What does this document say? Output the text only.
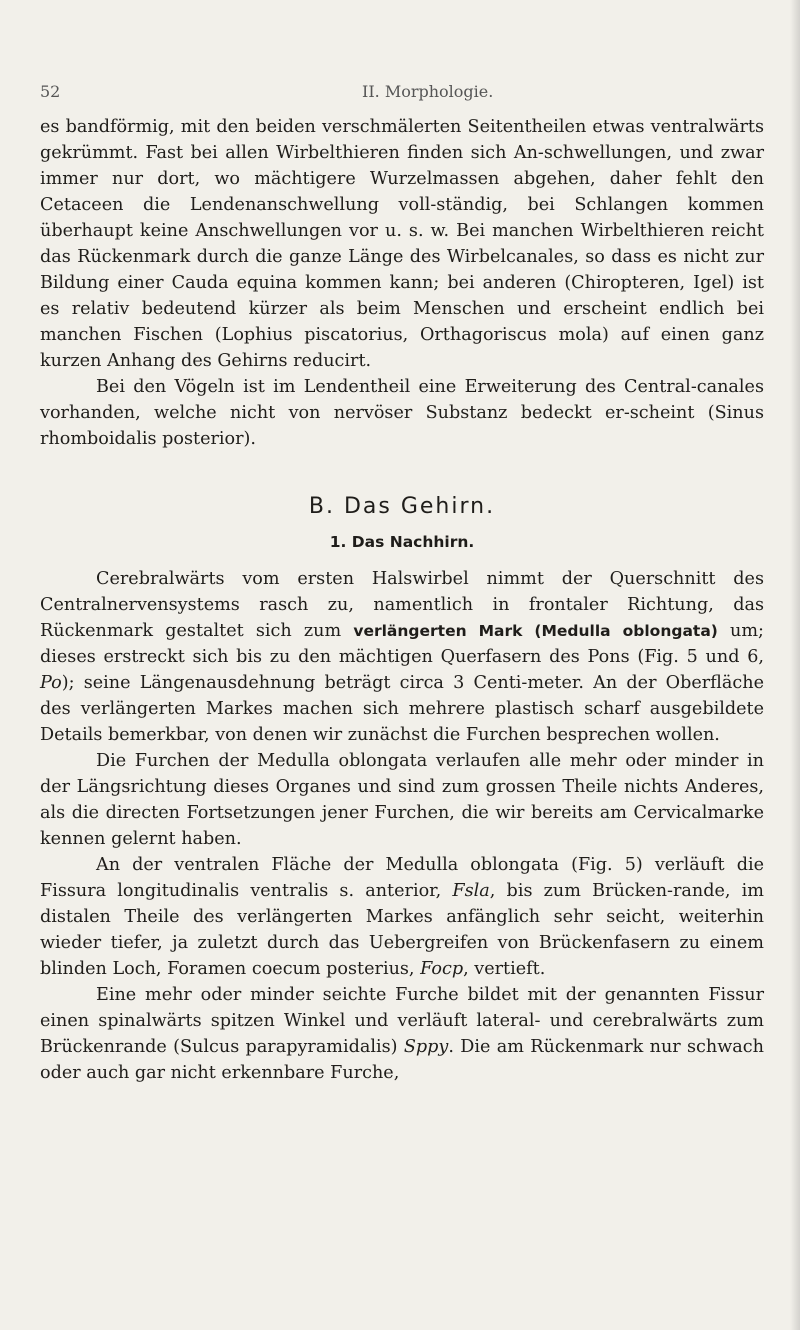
52	II. Morphologie.

es bandförmig, mit den beiden verschmälerten Seitentheilen etwas ventralwärts gekrümmt. Fast bei allen Wirbelthieren finden sich An-schwellungen, und zwar immer nur dort, wo mächtigere Wurzelmassen abgehen, daher fehlt den Cetaceen die Lendenanschwellung voll-ständig, bei Schlangen kommen überhaupt keine Anschwellungen vor u. s. w. Bei manchen Wirbelthieren reicht das Rückenmark durch die ganze Länge des Wirbelcanales, so dass es nicht zur Bildung einer Cauda equina kommen kann; bei anderen (Chiropteren, Igel) ist es relativ bedeutend kürzer als beim Menschen und erscheint endlich bei manchen Fischen (Lophius piscatorius, Orthagoriscus mola) auf einen ganz kurzen Anhang des Gehirns reducirt.

Bei den Vögeln ist im Lendentheil eine Erweiterung des Central-canales vorhanden, welche nicht von nervöser Substanz bedeckt er-scheint (Sinus rhomboidalis posterior).

B. Das Gehirn.
1. Das Nachhirn.

Cerebralwärts vom ersten Halswirbel nimmt der Querschnitt des Centralnervensystems rasch zu, namentlich in frontaler Richtung, das Rückenmark gestaltet sich zum verlängerten Mark (Medulla oblongata) um; dieses erstreckt sich bis zu den mächtigen Querfasern des Pons (Fig. 5 und 6, Po); seine Längenausdehnung beträgt circa 3 Centi-meter. An der Oberfläche des verlängerten Markes machen sich mehrere plastisch scharf ausgebildete Details bemerkbar, von denen wir zunächst die Furchen besprechen wollen.

Die Furchen der Medulla oblongata verlaufen alle mehr oder minder in der Längsrichtung dieses Organes und sind zum grossen Theile nichts Anderes, als die directen Fortsetzungen jener Furchen, die wir bereits am Cervicalmarke kennen gelernt haben.

An der ventralen Fläche der Medulla oblongata (Fig. 5) verläuft die Fissura longitudinalis ventralis s. anterior, Fsla, bis zum Brücken-rande, im distalen Theile des verlängerten Markes anfänglich sehr seicht, weiterhin wieder tiefer, ja zuletzt durch das Uebergreifen von Brückenfasern zu einem blinden Loch, Foramen coecum posterius, Focp, vertieft.

Eine mehr oder minder seichte Furche bildet mit der genannten Fissur einen spinalwärts spitzen Winkel und verläuft lateral- und cerebralwärts zum Brückenrande (Sulcus parapyramidalis) Sppy. Die am Rückenmark nur schwach oder auch gar nicht erkennbare Furche,
